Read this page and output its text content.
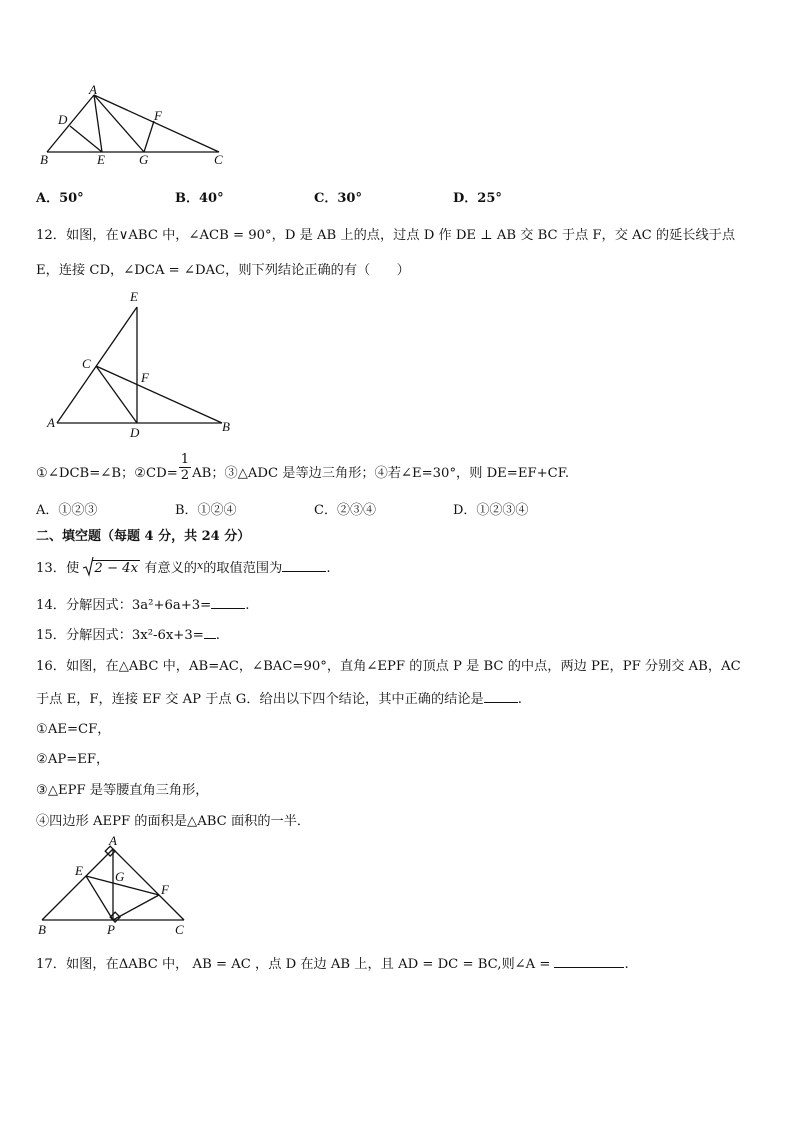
A
D	F
B	E	G	C
A．50°	B．40°	C．30°	D．25°
12．如图，在∨ABC 中，∠ACB = 90°，D 是 AB 上的点，过点 D 作 DE ⊥ AB 交 BC 于点 F，交 AC 的延长线于点
E，连接 CD，∠DCA = ∠DAC，则下列结论正确的有（　　）
E
C
F
A
D	B
①∠DCB=∠B；②CD= $\frac{1}{2}$ AB；③△ADC 是等边三角形；④若∠E=30°，则 DE=EF+CF.
A．①②③	B．①②④	C．②③④	D．①②③④
二、填空题（每题 4 分，共 24 分）
13．使 2 − 4x 有意义的$^x$的取值范围为	.
14．分解因式：3a²+6a+3=	.
15．分解因式：3x²-6x+3= .
16．如图，在△ABC 中，AB=AC，∠BAC=90°，直角∠EPF 的顶点 P 是 BC 的中点，两边 PE，PF 分别交 AB，AC
于点 E，F，连接 EF 交 AP 于点 G．给出以下四个结论，其中正确的结论是	.
①AE=CF，
②AP=EF，
③△EPF 是等腰直角三角形，
④四边形 AEPF 的面积是△ABC 面积的一半．
A
E G
F
B	P	C
17．如图，在ΔABC 中， AB = AC ，点 D 在边 AB 上，且 AD = DC = BC,则∠A =	.
